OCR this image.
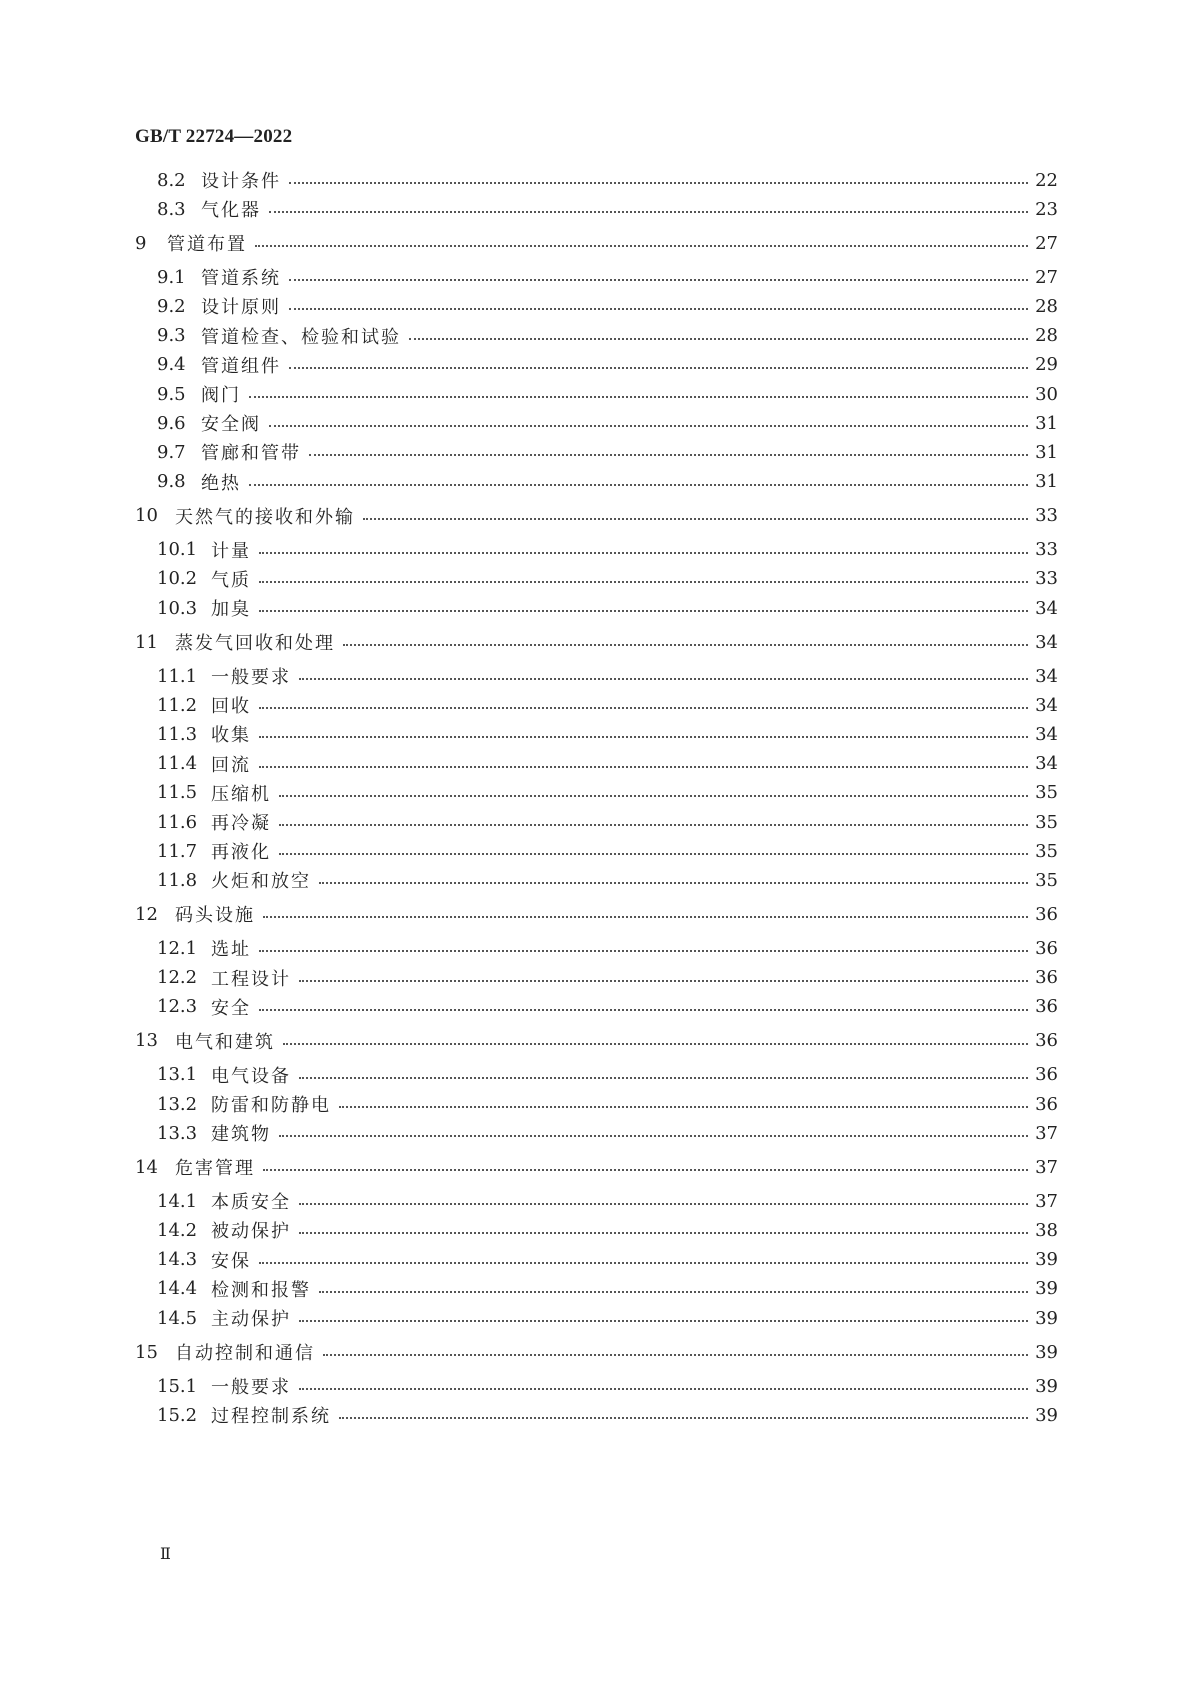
GB/T 22724—2022
8.2 设计条件	22
8.3 气化器	23
9	管道布置	27
9.1 管道系统	27
9.2 设计原则	28
9.3 管道检查、检验和试验	28
9.4 管道组件	29
9.5 阀门	30
9.6 安全阀	31
9.7 管廊和管带	31
9.8 绝热	31
10 天然气的接收和外输	33
10.1 计量	33
10.2 气质	33
10.3 加臭	34
11 蒸发气回收和处理	34
11.1 一般要求	34
11.2 回收	34
11.3 收集	34
11.4 回流	34
11.5 压缩机	35
11.6 再冷凝	35
11.7 再液化	35
11.8 火炬和放空	35
12 码头设施	36
12.1 选址	36
12.2 工程设计	36
12.3 安全	36
13 电气和建筑	36
13.1 电气设备	36
13.2 防雷和防静电	36
13.3 建筑物	37
14 危害管理	37
14.1 本质安全	37
14.2 被动保护	38
14.3 安保	39
14.4 检测和报警	39
14.5 主动保护	39
15 自动控制和通信	39
15.1 一般要求	39
15.2 过程控制系统	39
Ⅱ
